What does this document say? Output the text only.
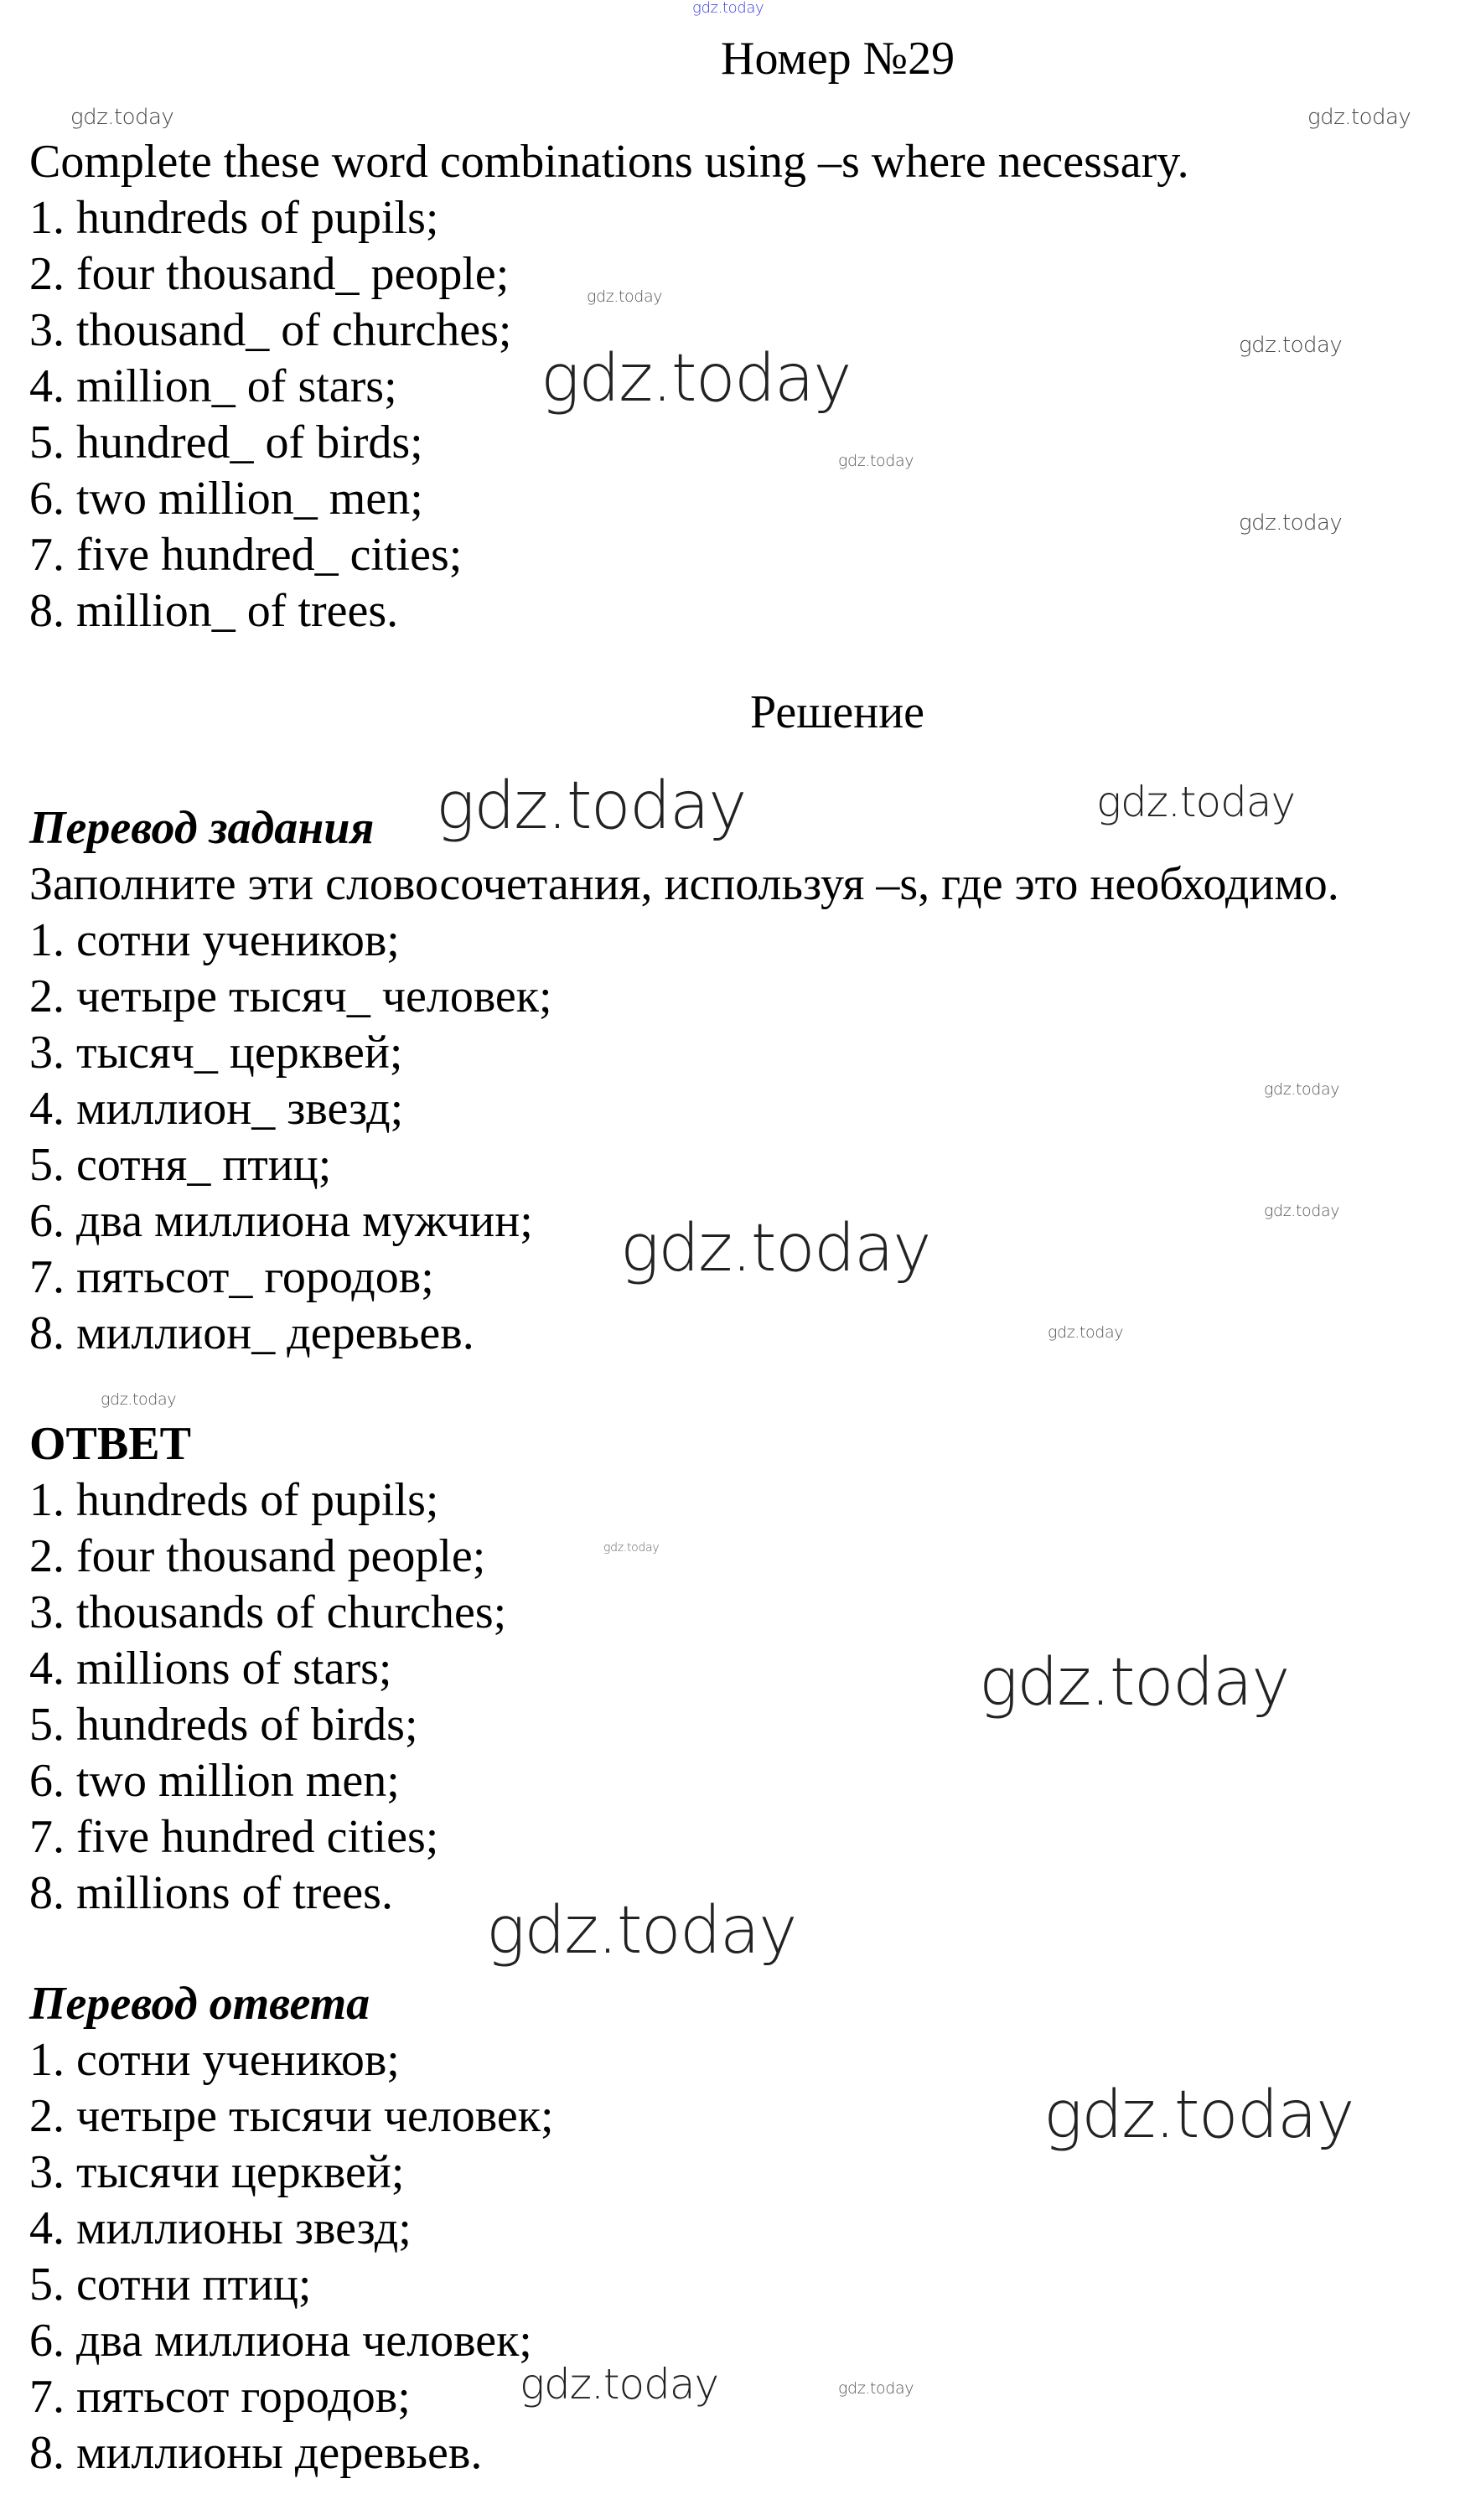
Номер №29
Complete these word combinations using –s where necessary.
1. hundreds of pupils;
2. four thousand_ people;
3. thousand_ of churches;
4. million_ of stars;
5. hundred_ of birds;
6. two million_ men;
7. five hundred_ cities;
8. million_ of trees.
Решение
Перевод задания
Заполните эти словосочетания, используя –s, где это необходимо.
1. сотни учеников;
2. четыре тысяч_ человек;
3. тысяч_ церквей;
4. миллион_ звезд;
5. сотня_ птиц;
6. два миллиона мужчин;
7. пятьсот_ городов;
8. миллион_ деревьев.
ОТВЕТ
1. hundreds of pupils;
2. four thousand people;
3. thousands of churches;
4. millions of stars;
5. hundreds of birds;
6. two million men;
7. five hundred cities;
8. millions of trees.
Перевод ответа
1. сотни учеников;
2. четыре тысячи человек;
3. тысячи церквей;
4. миллионы звезд;
5. сотни птиц;
6. два миллиона человек;
7. пятьсот городов;
8. миллионы деревьев.
gdz.today
gdz.today	gdz.today
gdz.today
gdz.today
gdz.today
gdz.today
gdz.today
gdz.today	gdz.today
gdz.today
gdz.today
gdz.today
gdz.today
gdz.today
gdz.today
gdz.today
gdz.today
gdz.today
gdz.today
gdz.today
